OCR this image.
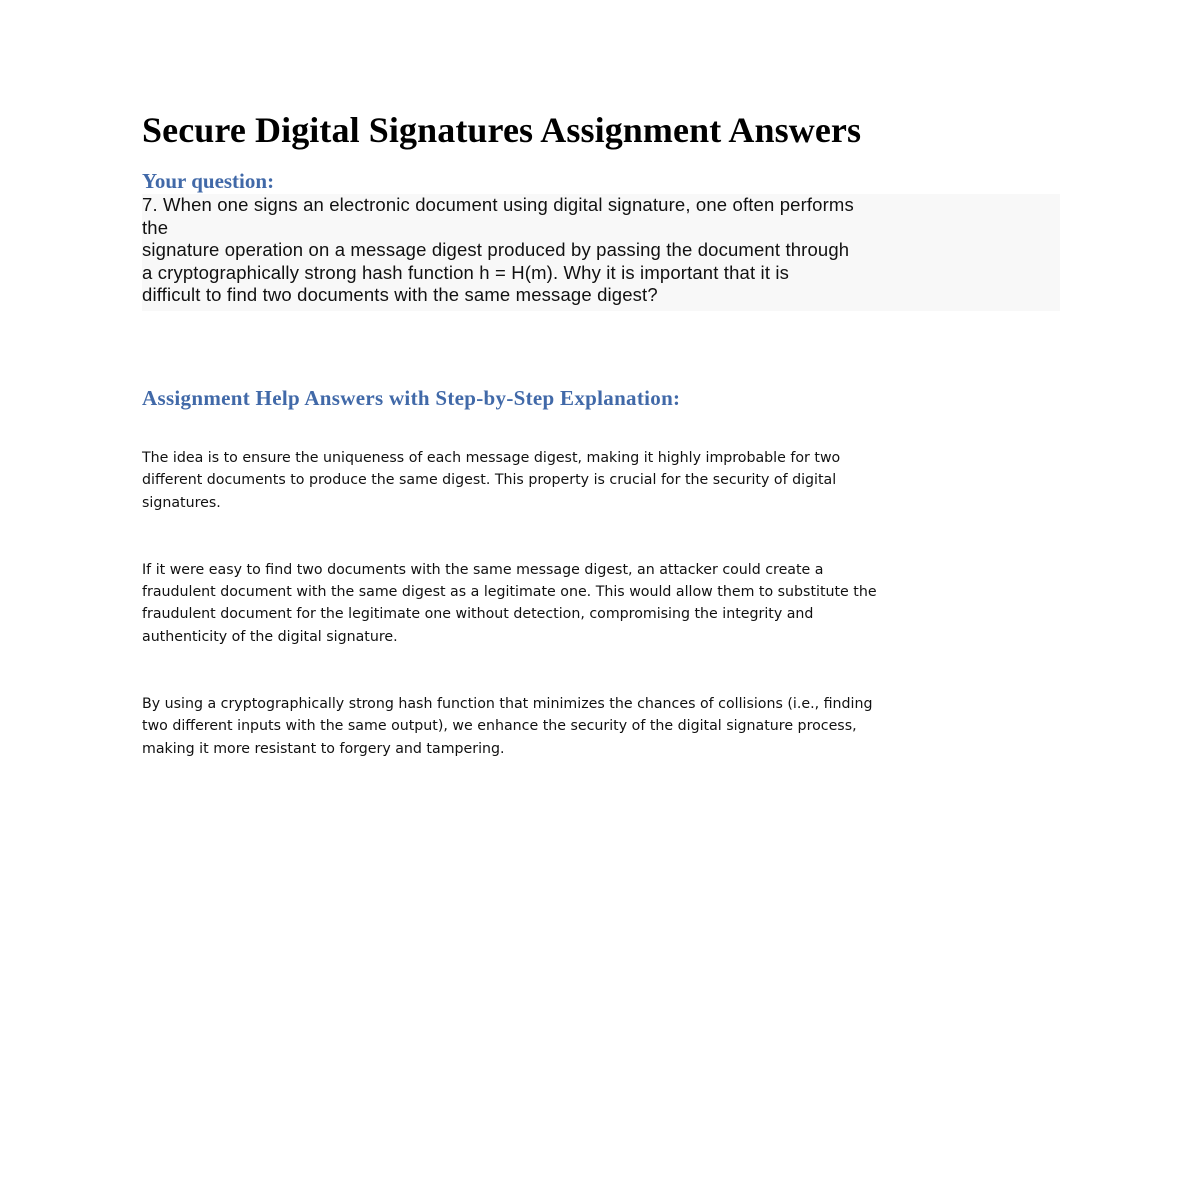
Secure Digital Signatures Assignment Answers
Your question:
7. When one signs an electronic document using digital signature, one often performs
the
signature operation on a message digest produced by passing the document through
a cryptographically strong hash function h = H(m). Why it is important that it is
difficult to find two documents with the same message digest?
Assignment Help Answers with Step-by-Step Explanation:

The idea is to ensure the uniqueness of each message digest, making it highly improbable for two
different documents to produce the same digest. This property is crucial for the security of digital
signatures.

If it were easy to find two documents with the same message digest, an attacker could create a
fraudulent document with the same digest as a legitimate one. This would allow them to substitute the
fraudulent document for the legitimate one without detection, compromising the integrity and
authenticity of the digital signature.

By using a cryptographically strong hash function that minimizes the chances of collisions (i.e., finding
two different inputs with the same output), we enhance the security of the digital signature process,
making it more resistant to forgery and tampering.
